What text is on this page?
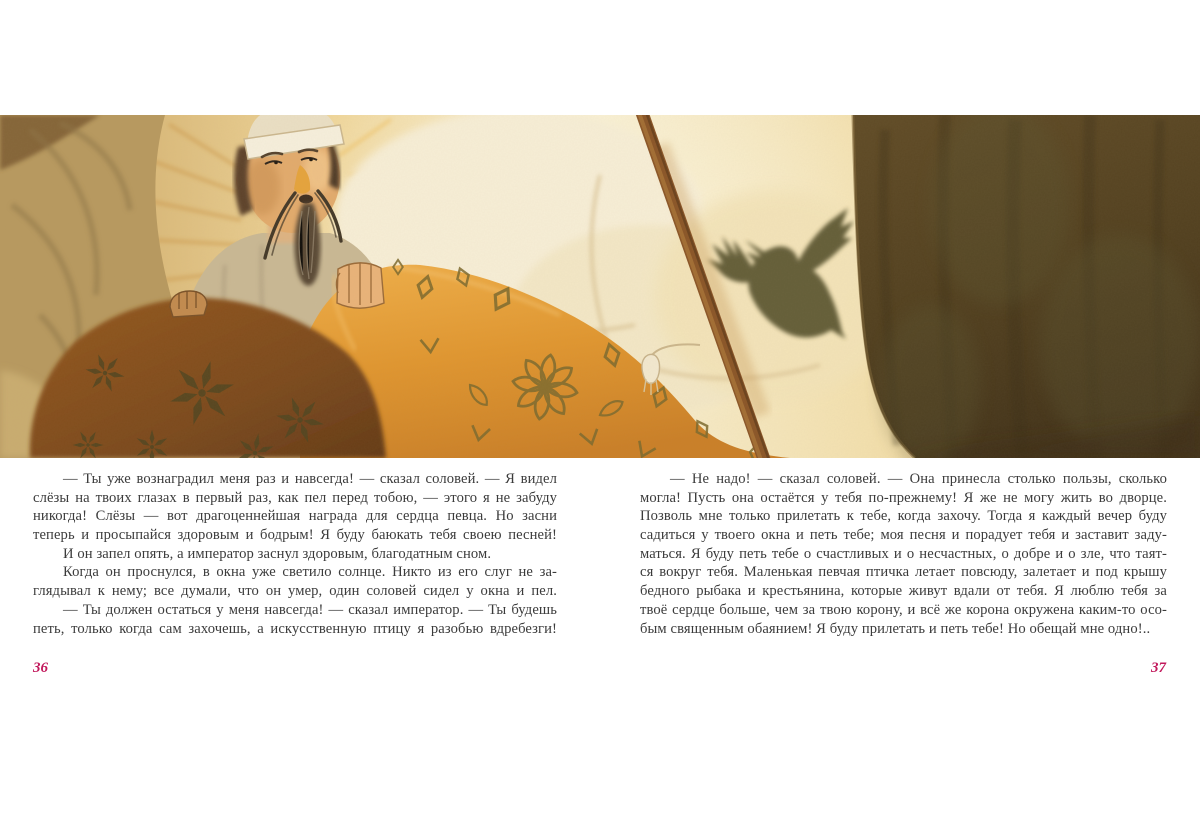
— Ты уже вознаградил меня раз и навсегда! — сказал соловей. — Я видел
слёзы на твоих глазах в первый раз, как пел перед тобою, — этого я не забуду
никогда! Слёзы — вот драгоценнейшая награда для сердца певца. Но засни
теперь и просыпайся здоровым и бодрым! Я буду баюкать тебя своею песней!
И он запел опять, а император заснул здоровым, благодатным сном.
Когда он проснулся, в окна уже светило солнце. Никто из его слуг не за-
глядывал к нему; все думали, что он умер, один соловей сидел у окна и пел.
— Ты должен остаться у меня навсегда! — сказал император. — Ты будешь
петь, только когда сам захочешь, а искусственную птицу я разобью вдребезги!
— Не надо! — сказал соловей. — Она принесла столько пользы, сколько
могла! Пусть она остаётся у тебя по-прежнему! Я же не могу жить во дворце.
Позволь мне только прилетать к тебе, когда захочу. Тогда я каждый вечер буду
садиться у твоего окна и петь тебе; моя песня и порадует тебя и заставит заду-
маться. Я буду петь тебе о счастливых и о несчастных, о добре и о зле, что таят-
ся вокруг тебя. Маленькая певчая птичка летает повсюду, залетает и под крышу
бедного рыбака и крестьянина, которые живут вдали от тебя. Я люблю тебя за
твоё сердце больше, чем за твою корону, и всё же корона окружена каким-то осо-
бым священным обаянием! Я буду прилетать и петь тебе! Но обещай мне одно!..
36	37
